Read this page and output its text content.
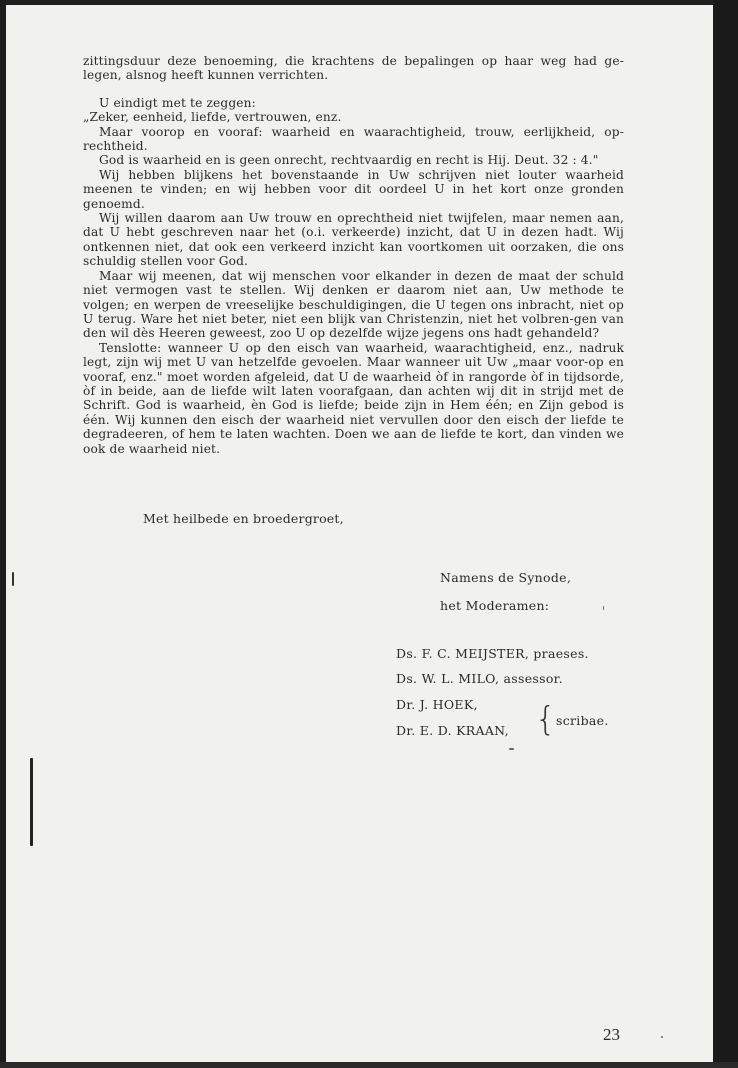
zittingsduur deze benoeming, die krachtens de bepalingen op haar weg had ge-legen, alsnog heeft kunnen verrichten.

U eindigt met te zeggen:

„Zeker, eenheid, liefde, vertrouwen, enz.

Maar voorop en vooraf: waarheid en waarachtigheid, trouw, eerlijkheid, op-rechtheid.

God is waarheid en is geen onrecht, rechtvaardig en recht is Hij. Deut. 32 : 4."

Wij hebben blijkens het bovenstaande in Uw schrijven niet louter waarheid meenen te vinden; en wij hebben voor dit oordeel U in het kort onze gronden genoemd.

Wij willen daarom aan Uw trouw en oprechtheid niet twijfelen, maar nemen aan, dat U hebt geschreven naar het (o.i. verkeerde) inzicht, dat U in dezen hadt. Wij ontkennen niet, dat ook een verkeerd inzicht kan voortkomen uit oorzaken, die ons schuldig stellen voor God.

Maar wij meenen, dat wij menschen voor elkander in dezen de maat der schuld niet vermogen vast te stellen. Wij denken er daarom niet aan, Uw methode te volgen; en werpen de vreeselijke beschuldigingen, die U tegen ons inbracht, niet op U terug. Ware het niet beter, niet een blijk van Christenzin, niet het volbren-gen van den wil dès Heeren geweest, zoo U op dezelfde wijze jegens ons hadt gehandeld?

Tenslotte: wanneer U op den eisch van waarheid, waarachtigheid, enz., nadruk legt, zijn wij met U van hetzelfde gevoelen. Maar wanneer uit Uw „maar voor-op en vooraf, enz." moet worden afgeleid, dat U de waarheid òf in rangorde òf in tijdsorde, òf in beide, aan de liefde wilt laten voorafgaan, dan achten wij dit in strijd met de Schrift. God is waarheid, èn God is liefde; beide zijn in Hem één; en Zijn gebod is één. Wij kunnen den eisch der waarheid niet vervullen door den eisch der liefde te degradeeren, of hem te laten wachten. Doen we aan de liefde te kort, dan vinden we ook de waarheid niet.

Met heilbede en broedergroet,
Namens de Synode,
het Moderamen:
Ds. F. C. MEIJSTER, praeses.
Ds. W. L. MILO, assessor.
Dr. J. HOEK,
Dr. E. D. KRAAN, { scribae.
23
